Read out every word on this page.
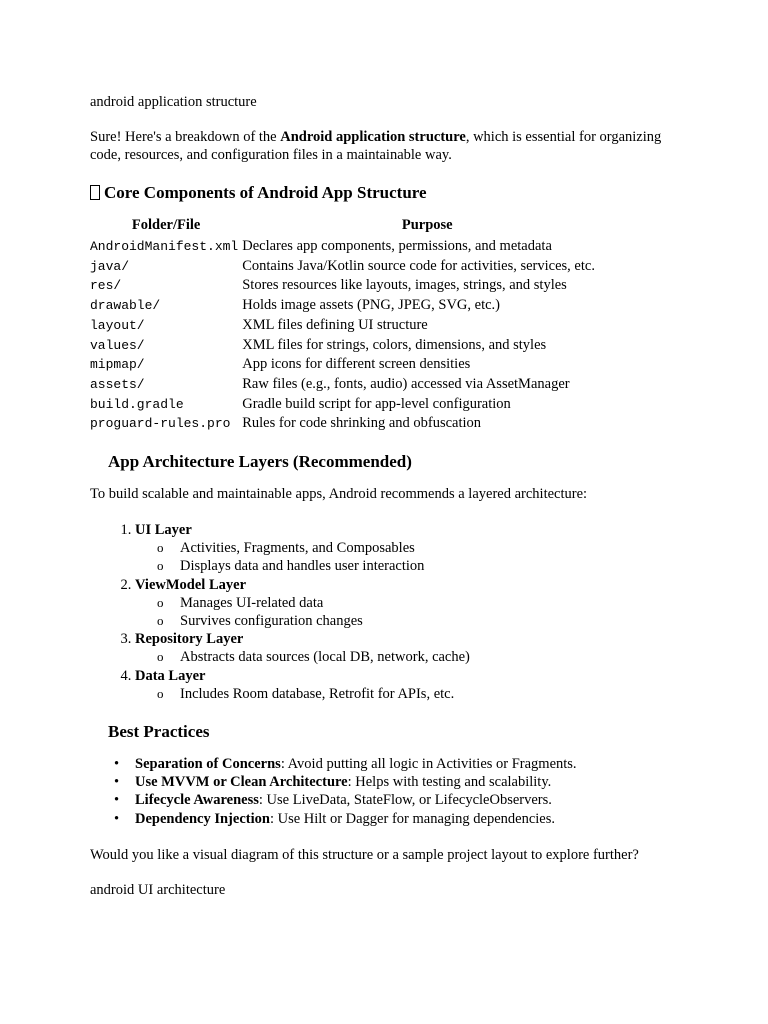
android application structure

Sure! Here's a breakdown of the Android application structure, which is essential for organizing code, resources, and configuration files in a maintainable way.

Core Components of Android App Structure
Folder/File	Purpose
AndroidManifest.xml	Declares app components, permissions, and metadata
java/	Contains Java/Kotlin source code for activities, services, etc.
res/	Stores resources like layouts, images, strings, and styles
drawable/	Holds image assets (PNG, JPEG, SVG, etc.)
layout/	XML files defining UI structure
values/	XML files for strings, colors, dimensions, and styles
mipmap/	App icons for different screen densities
assets/	Raw files (e.g., fonts, audio) accessed via AssetManager
build.gradle	Gradle build script for app-level configuration
proguard-rules.pro	Rules for code shrinking and obfuscation
App Architecture Layers (Recommended)

To build scalable and maintainable apps, Android recommends a layered architecture:

1. UI Layer
o Activities, Fragments, and Composables
o Displays data and handles user interaction
2. ViewModel Layer
o Manages UI-related data
o Survives configuration changes
3. Repository Layer
o Abstracts data sources (local DB, network, cache)
4. Data Layer
o Includes Room database, Retrofit for APIs, etc.
Best Practices
• Separation of Concerns: Avoid putting all logic in Activities or Fragments.
• Use MVVM or Clean Architecture: Helps with testing and scalability.
• Lifecycle Awareness: Use LiveData, StateFlow, or LifecycleObservers.
• Dependency Injection: Use Hilt or Dagger for managing dependencies.

Would you like a visual diagram of this structure or a sample project layout to explore further?

android UI architecture
